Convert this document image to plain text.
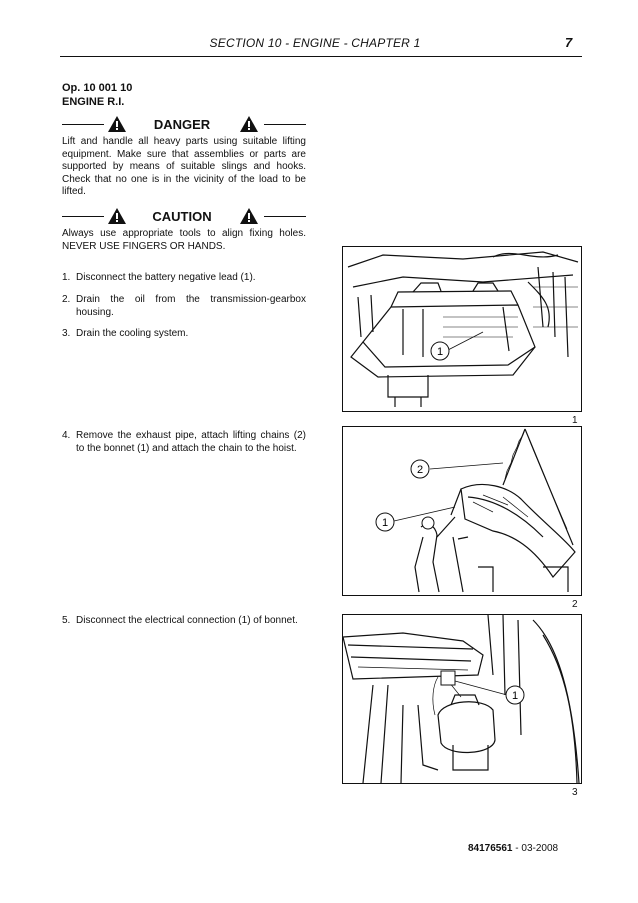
SECTION 10 - ENGINE - CHAPTER 1	7
Op. 10 001 10
ENGINE R.I.
DANGER
Lift and handle all heavy parts using suitable lifting equipment. Make sure that assemblies or parts are supported by means of suitable slings and hooks. Check that no one is in the vicinity of the load to be lifted.
CAUTION
Always use appropriate tools to align fixing holes. NEVER USE FINGERS OR HANDS.
1. Disconnect the battery negative lead (1).
2. Drain the oil from the transmission-gearbox housing.
3. Drain the cooling system.
1
1
4. Remove the exhaust pipe, attach lifting chains (2) to the bonnet (1) and attach the chain to the hoist.
2
1
2
5. Disconnect the electrical connection (1) of bonnet.
1
3
84176561 - 03-2008
